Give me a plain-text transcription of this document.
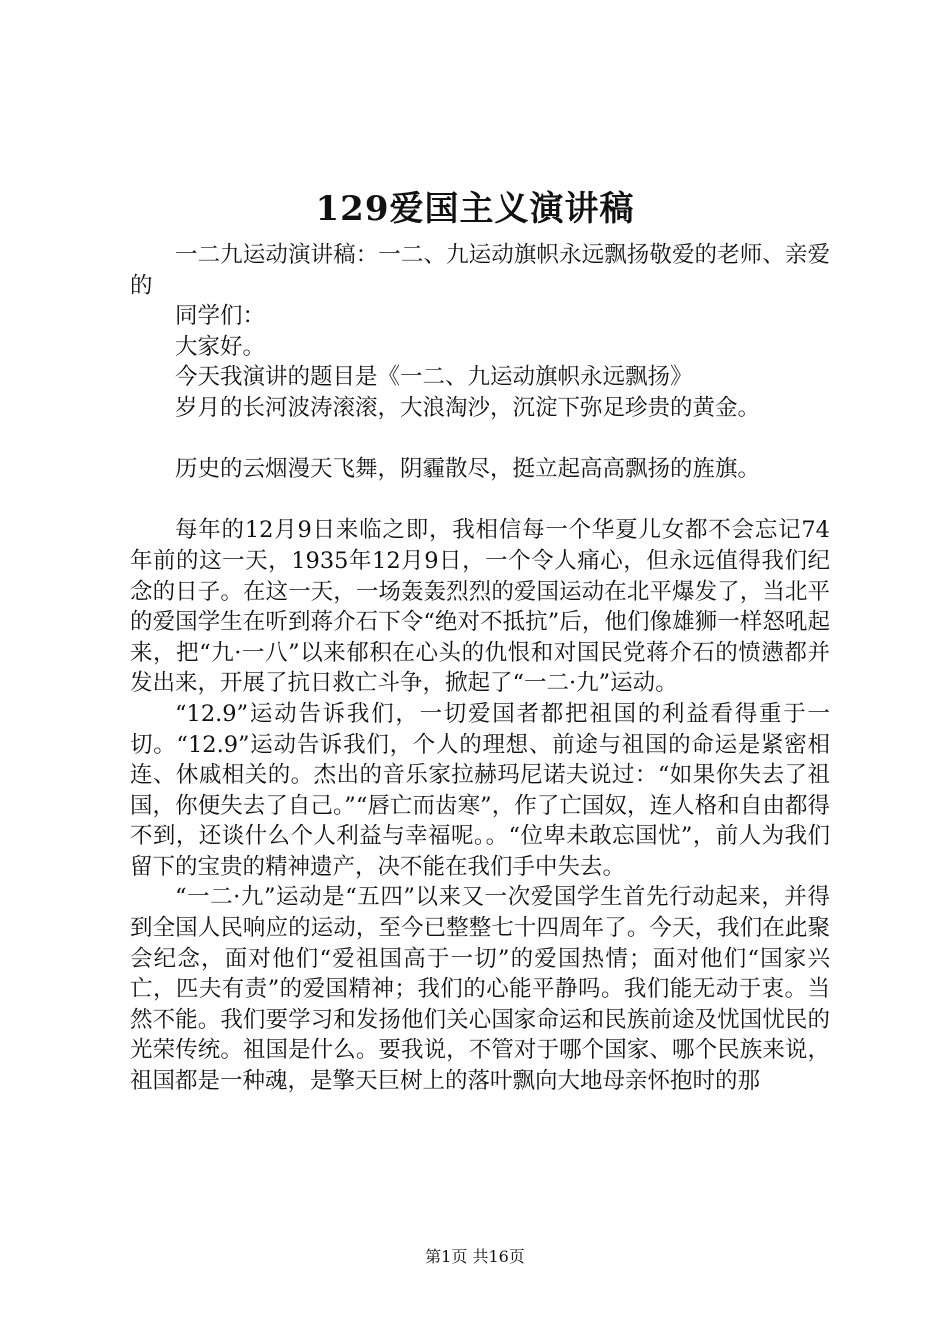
129爱国主义演讲稿

一二九运动演讲稿：一二、九运动旗帜永远飘扬敬爱的老师、亲爱的

同学们：

大家好。

今天我演讲的题目是《一二、九运动旗帜永远飘扬》

岁月的长河波涛滚滚，大浪淘沙，沉淀下弥足珍贵的黄金。

历史的云烟漫天飞舞，阴霾散尽，挺立起高高飘扬的旌旗。

每年的12月9日来临之即，我相信每一个华夏儿女都不会忘记74年前的这一天，1935年12月9日，一个令人痛心，但永远值得我们纪念的日子。在这一天，一场轰轰烈烈的爱国运动在北平爆发了，当北平的爱国学生在听到蒋介石下令“绝对不抵抗”后，他们像雄狮一样怒吼起来，把“九·一八”以来郁积在心头的仇恨和对国民党蒋介石的愤懑都并发出来，开展了抗日救亡斗争，掀起了“一二·九”运动。

“12.9”运动告诉我们，一切爱国者都把祖国的利益看得重于一切。“12.9”运动告诉我们，个人的理想、前途与祖国的命运是紧密相连、休戚相关的。杰出的音乐家拉赫玛尼诺夫说过：“如果你失去了祖国，你便失去了自己。”“唇亡而齿寒”，作了亡国奴，连人格和自由都得不到，还谈什么个人利益与幸福呢。。“位卑未敢忘国忧”，前人为我们留下的宝贵的精神遗产，决不能在我们手中失去。

“一二·九”运动是“五四”以来又一次爱国学生首先行动起来，并得到全国人民响应的运动，至今已整整七十四周年了。今天，我们在此聚会纪念，面对他们“爱祖国高于一切”的爱国热情；面对他们“国家兴亡，匹夫有责”的爱国精神；我们的心能平静吗。我们能无动于衷。当然不能。我们要学习和发扬他们关心国家命运和民族前途及忧国忧民的光荣传统。祖国是什么。要我说，不管对于哪个国家、哪个民族来说，祖国都是一种魂，是擎天巨树上的落叶飘向大地母亲怀抱时的那

第1页 共16页
